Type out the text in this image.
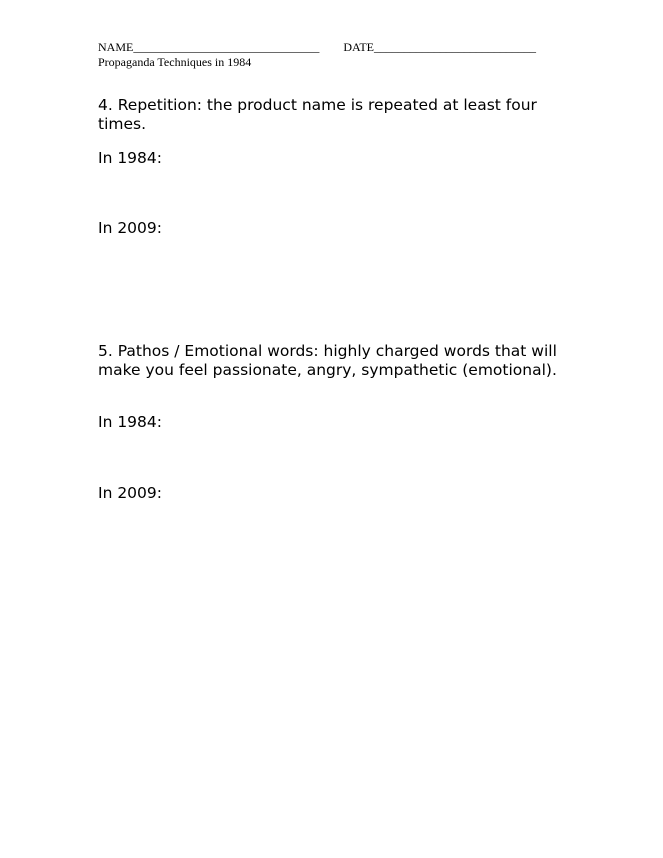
NAME_______________________________ DATE___________________________
Propaganda Techniques in 1984
4. Repetition: the product name is repeated at least four times.
In 1984:
In 2009:
5. Pathos / Emotional words: highly charged words that will make you feel passionate, angry, sympathetic (emotional).
In 1984:
In 2009:
